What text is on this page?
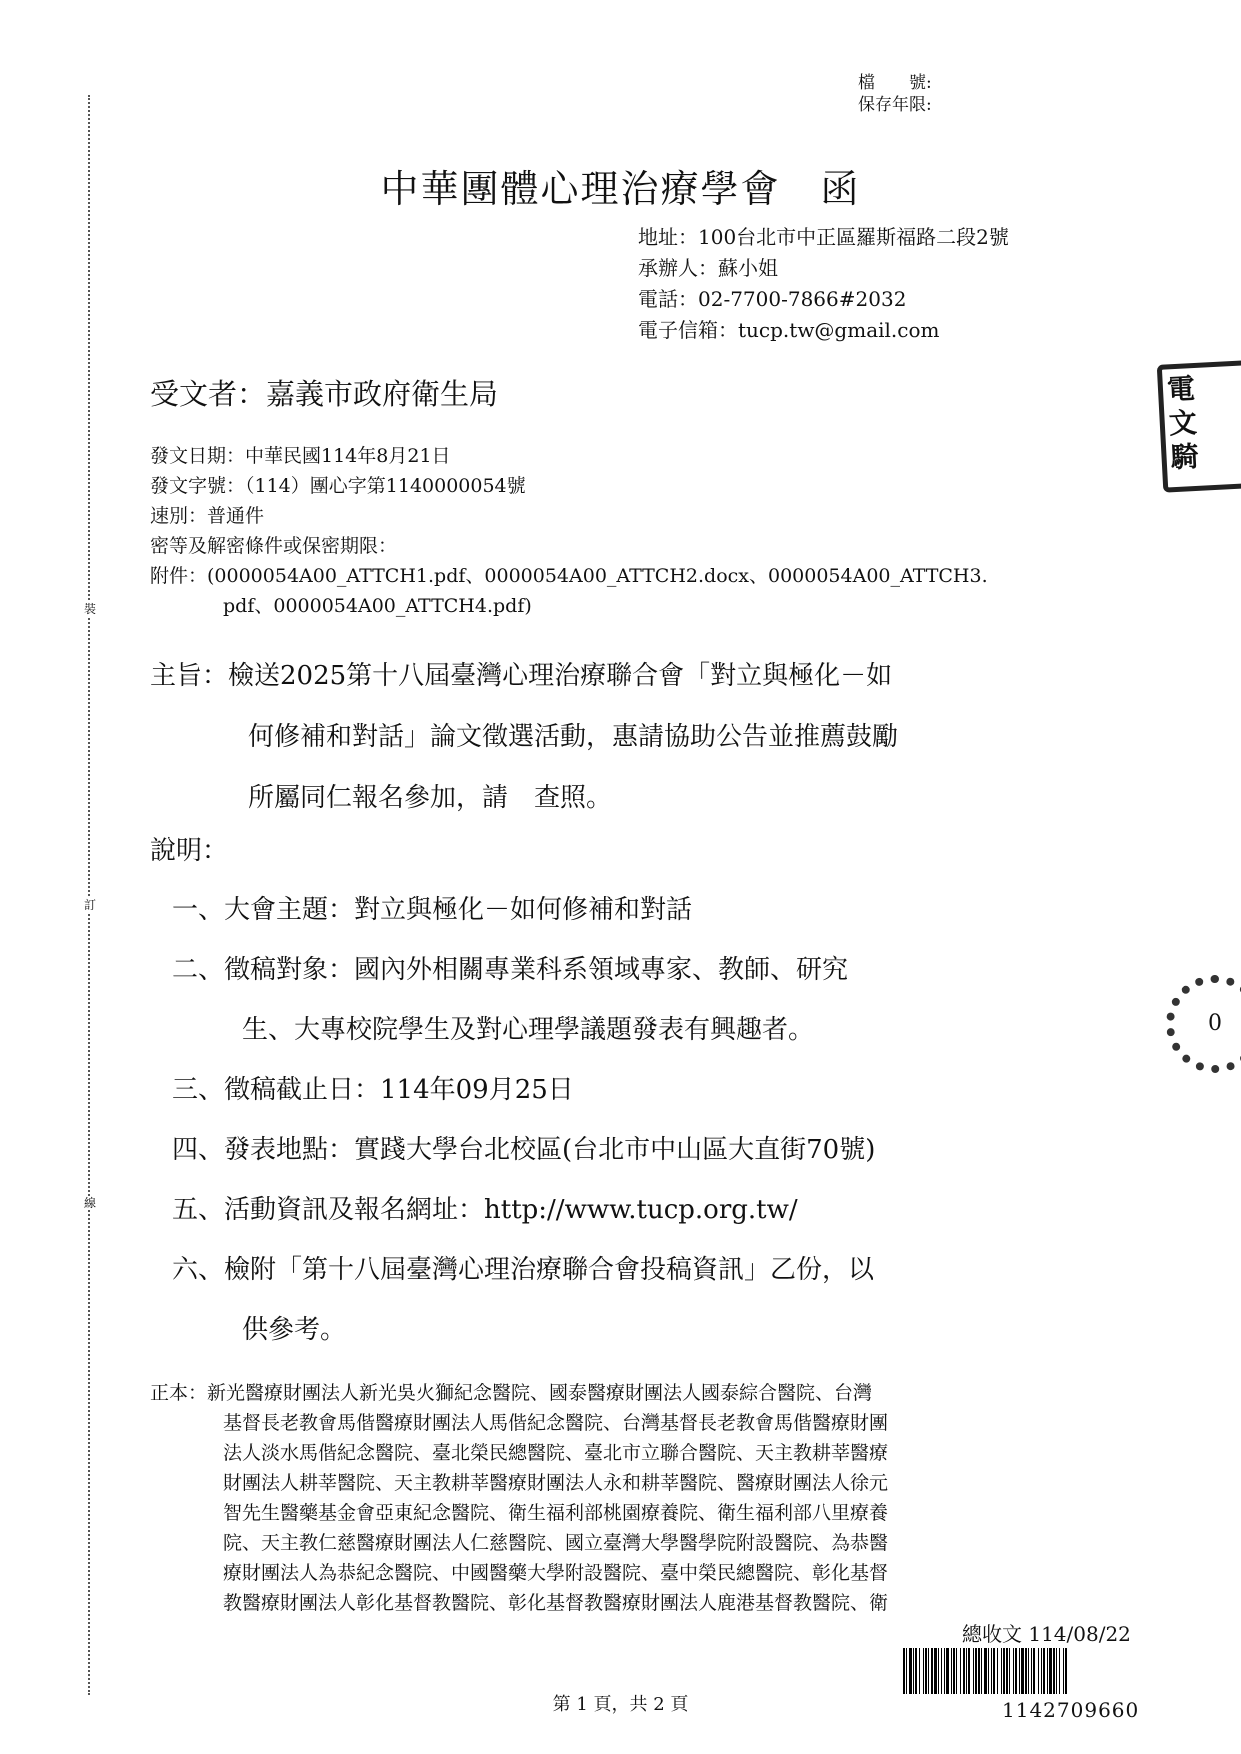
裝
訂
線
檔　　號:
保存年限:
中華團體心理治療學會　函
地址：100台北市中正區羅斯福路二段2號
承辦人：蘇小姐
電話：02-7700-7866#2032
電子信箱：tucp.tw@gmail.com
受文者：嘉義市政府衛生局
發文日期：中華民國114年8月21日
發文字號：（114）團心字第1140000054號
速別：普通件
密等及解密條件或保密期限：
附件：(0000054A00_ATTCH1.pdf、0000054A00_ATTCH2.docx、0000054A00_ATTCH3.
pdf、0000054A00_ATTCH4.pdf)
主旨：檢送2025第十八屆臺灣心理治療聯合會「對立與極化－如
何修補和對話」論文徵選活動，惠請協助公告並推薦鼓勵
所屬同仁報名參加，請　查照。
說明：
一、大會主題：對立與極化－如何修補和對話
二、徵稿對象：國內外相關專業科系領域專家、教師、研究
生、大專校院學生及對心理學議題發表有興趣者。
三、徵稿截止日：114年09月25日
四、發表地點：實踐大學台北校區(台北市中山區大直街70號)
五、活動資訊及報名網址：http://www.tucp.org.tw/
六、檢附「第十八屆臺灣心理治療聯合會投稿資訊」乙份，以
供參考。
正本：新光醫療財團法人新光吳火獅紀念醫院、國泰醫療財團法人國泰綜合醫院、台灣
基督長老教會馬偕醫療財團法人馬偕紀念醫院、台灣基督長老教會馬偕醫療財團
法人淡水馬偕紀念醫院、臺北榮民總醫院、臺北市立聯合醫院、天主教耕莘醫療
財團法人耕莘醫院、天主教耕莘醫療財團法人永和耕莘醫院、醫療財團法人徐元
智先生醫藥基金會亞東紀念醫院、衛生福利部桃園療養院、衛生福利部八里療養
院、天主教仁慈醫療財團法人仁慈醫院、國立臺灣大學醫學院附設醫院、為恭醫
療財團法人為恭紀念醫院、中國醫藥大學附設醫院、臺中榮民總醫院、彰化基督
教醫療財團法人彰化基督教醫院、彰化基督教醫療財團法人鹿港基督教醫院、衛
總收文 114/08/22
1142709660
第 1 頁，共 2 頁
電
文
騎
0
